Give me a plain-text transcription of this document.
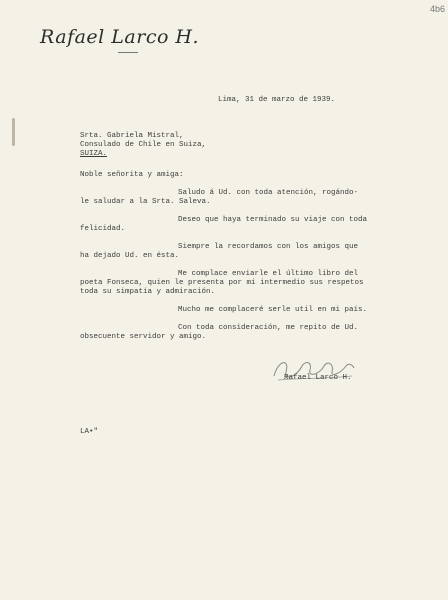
Rafael Larco H.
4b6
Lima, 31 de marzo de 1939.
Srta. Gabriela Mistral,
Consulado de Chile en Suiza,
SUIZA.
Noble señorita y amiga:
Saludo á Ud. con toda atención, rogándo-
le saludar a la Srta. Saleva.
Deseo que haya terminado su viaje con toda
felicidad.
Siempre la recordamos con los amigos que
ha dejado Ud. en ésta.
Me complace enviarle el último libro del
poeta Fonseca, quien le presenta por mi intermedio sus respetos
toda su simpatía y admiración.
Mucho me complaceré serle util en mi país.
Con toda consideración, me repito de Ud.
obsecuente servidor y amigo.
Rafael Larco H.
LA•"
